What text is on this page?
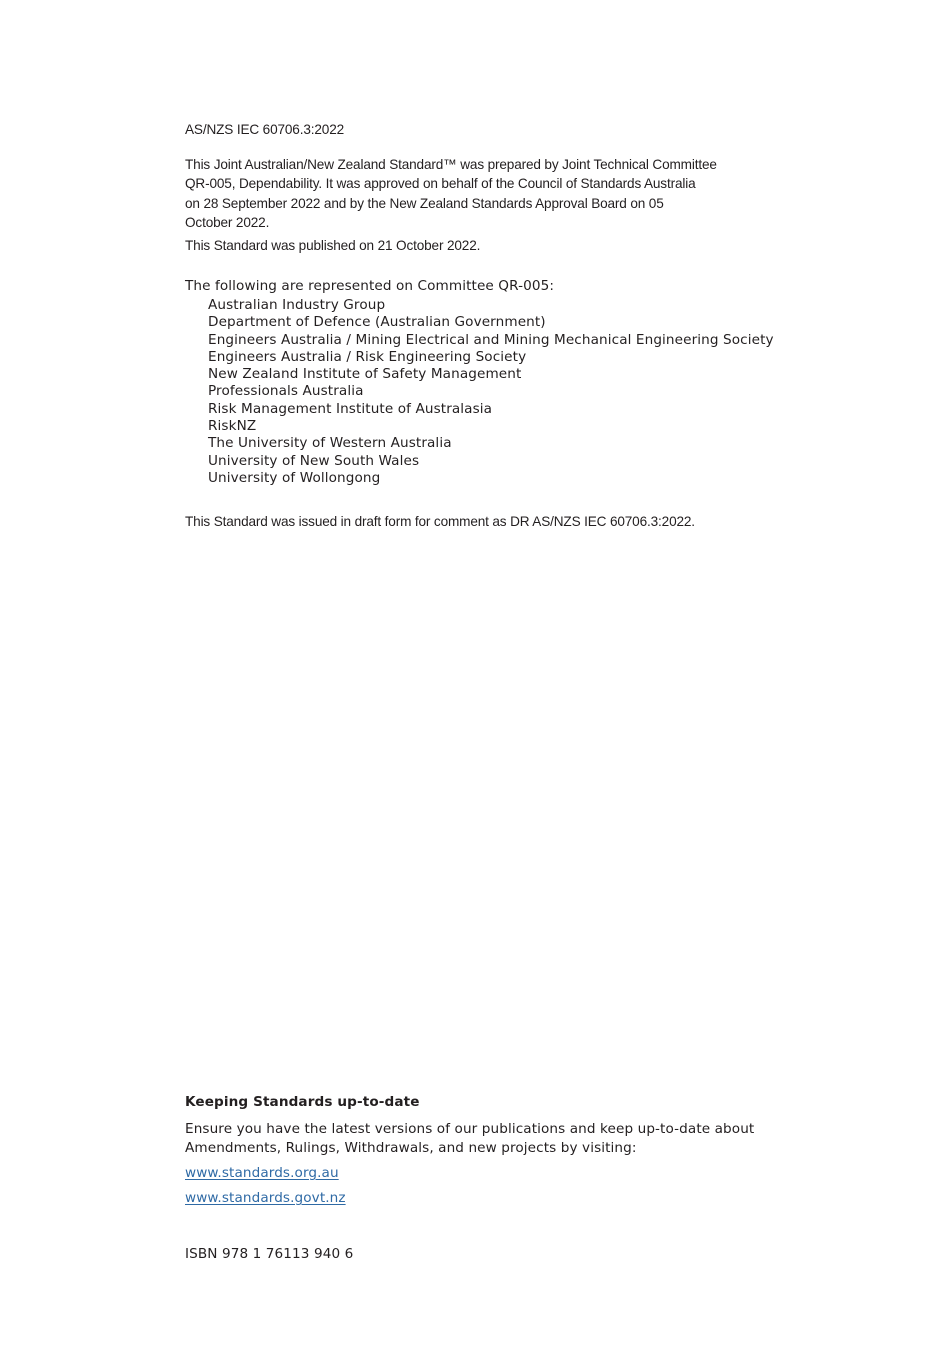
AS/NZS IEC 60706.3:2022

This Joint Australian/New Zealand Standard™ was prepared by Joint Technical Committee
QR-005, Dependability. It was approved on behalf of the Council of Standards Australia
on 28 September 2022 and by the New Zealand Standards Approval Board on 05
October 2022.

This Standard was published on 21 October 2022.

The following are represented on Committee QR-005:

Australian Industry Group
Department of Defence (Australian Government)
Engineers Australia / Mining Electrical and Mining Mechanical Engineering Society
Engineers Australia / Risk Engineering Society
New Zealand Institute of Safety Management
Professionals Australia
Risk Management Institute of Australasia
RiskNZ
The University of Western Australia
University of New South Wales
University of Wollongong

This Standard was issued in draft form for comment as DR AS/NZS IEC 60706.3:2022.

Keeping Standards up-to-date

Ensure you have the latest versions of our publications and keep up-to-date about
Amendments, Rulings, Withdrawals, and new projects by visiting:

www.standards.org.au
www.standards.govt.nz

ISBN 978 1 76113 940 6
